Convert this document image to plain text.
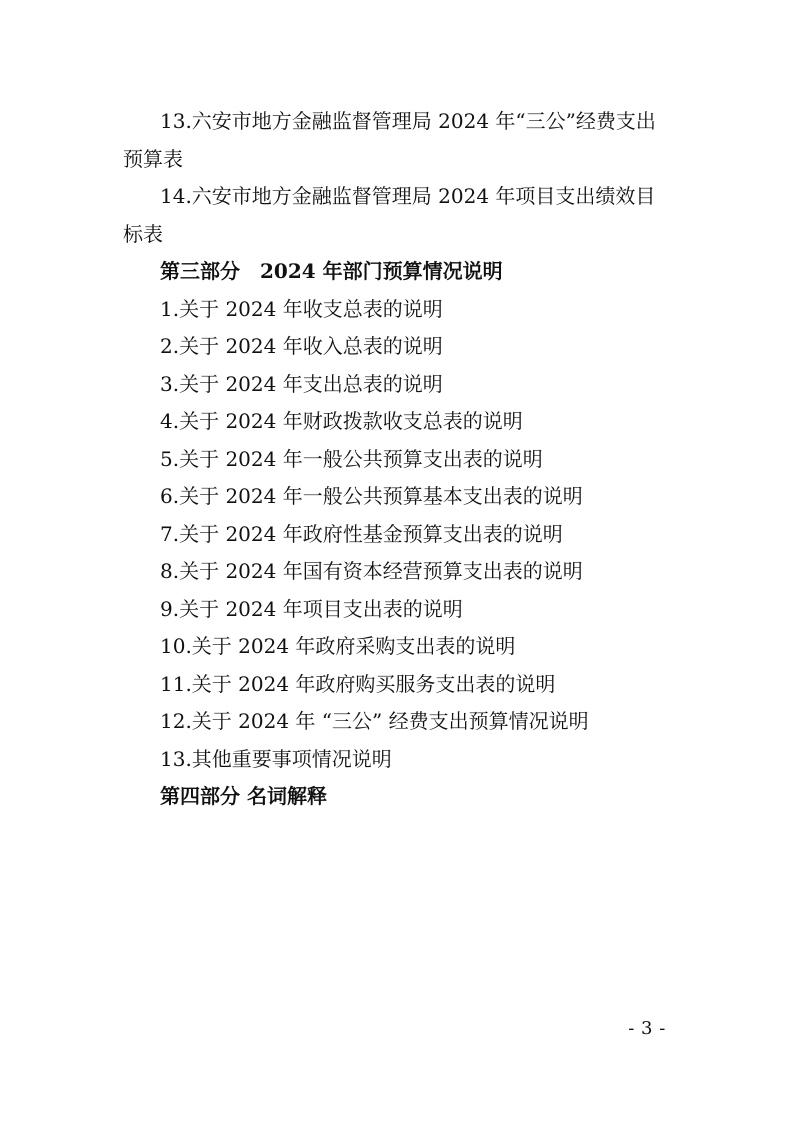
13.六安市地方金融监督管理局 2024 年“三公”经费支出
预算表
14.六安市地方金融监督管理局 2024 年项目支出绩效目
标表
第三部分　2024 年部门预算情况说明
1.关于 2024 年收支总表的说明
2.关于 2024 年收入总表的说明
3.关于 2024 年支出总表的说明
4.关于 2024 年财政拨款收支总表的说明
5.关于 2024 年一般公共预算支出表的说明
6.关于 2024 年一般公共预算基本支出表的说明
7.关于 2024 年政府性基金预算支出表的说明
8.关于 2024 年国有资本经营预算支出表的说明
9.关于 2024 年项目支出表的说明
10.关于 2024 年政府采购支出表的说明
11.关于 2024 年政府购买服务支出表的说明
12.关于 2024 年 “三公” 经费支出预算情况说明
13.其他重要事项情况说明
第四部分 名词解释
- 3 -
